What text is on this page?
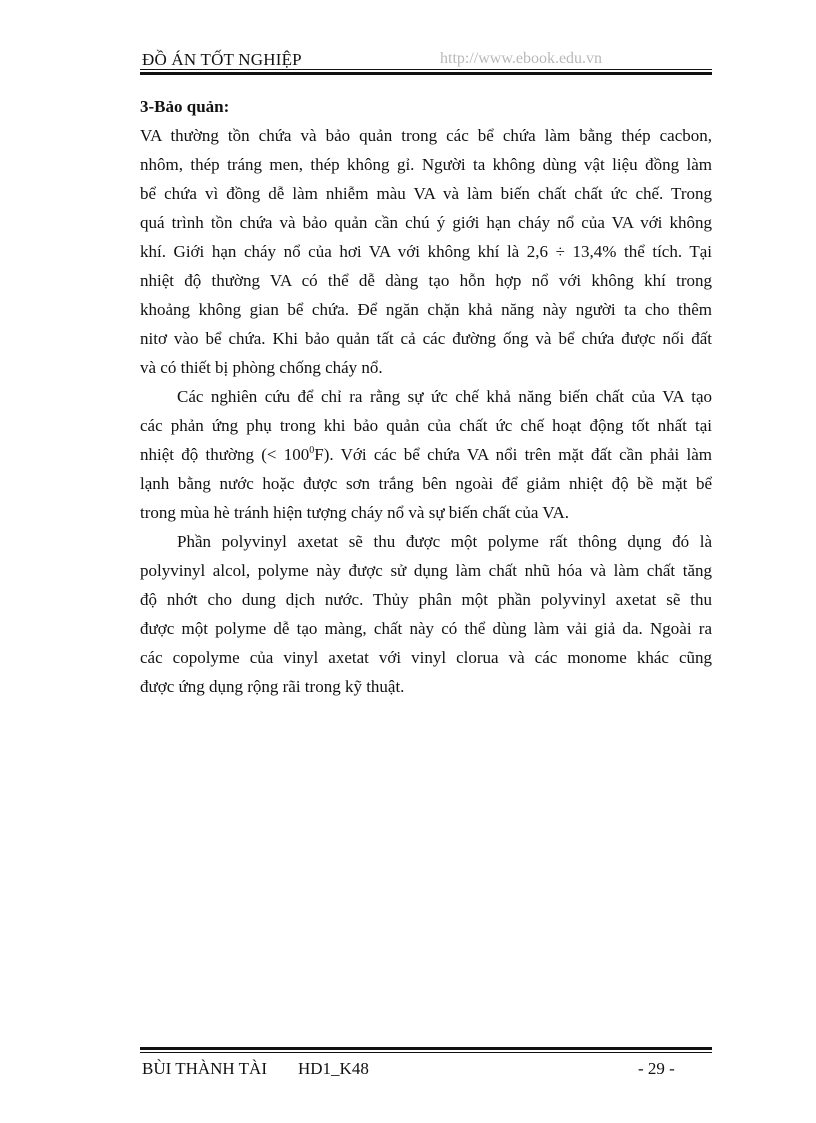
ĐỒ ÁN TỐT NGHIỆP	http://www.ebook.edu.vn

3-Bảo quản:

VA thường tồn chứa và bảo quản trong các bể chứa làm bằng thép cacbon,
nhôm, thép tráng men, thép không gỉ. Người ta không dùng vật liệu đồng làm
bể chứa vì đồng dễ làm nhiễm màu VA và làm biến chất chất ức chế. Trong
quá trình tồn chứa và bảo quản cần chú ý giới hạn cháy nổ của VA với không
khí. Giới hạn cháy nổ của hơi VA với không khí là 2,6 ÷ 13,4% thể tích. Tại
nhiệt độ thường VA có thể dễ dàng tạo hỗn hợp nổ với không khí trong
khoảng không gian bể chứa. Để ngăn chặn khả năng này người ta cho thêm
nitơ vào bể chứa. Khi bảo quản tất cả các đường ống và bể chứa được nối đất
và có thiết bị phòng chống cháy nổ.
Các nghiên cứu để chỉ ra rằng sự ức chế khả năng biến chất của VA tạo
các phản ứng phụ trong khi bảo quản của chất ức chế hoạt động tốt nhất tại
nhiệt độ thường (< $100^0F$). Với các bể chứa VA nổi trên mặt đất cần phải làm
lạnh bằng nước hoặc được sơn trắng bên ngoài để giảm nhiệt độ bề mặt bể
trong mùa hè tránh hiện tượng cháy nổ và sự biến chất của VA.
Phần polyvinyl axetat sẽ thu được một polyme rất thông dụng đó là
polyvinyl alcol, polyme này được sử dụng làm chất nhũ hóa và làm chất tăng
độ nhớt cho dung dịch nước. Thủy phân một phần polyvinyl axetat sẽ thu
được một polyme dễ tạo màng, chất này có thể dùng làm vải giả da. Ngoài ra
các copolyme của vinyl axetat với vinyl clorua và các monome khác cũng
được ứng dụng rộng rãi trong kỹ thuật.
BÙI THÀNH TÀI HD1_K48	- 29 -
